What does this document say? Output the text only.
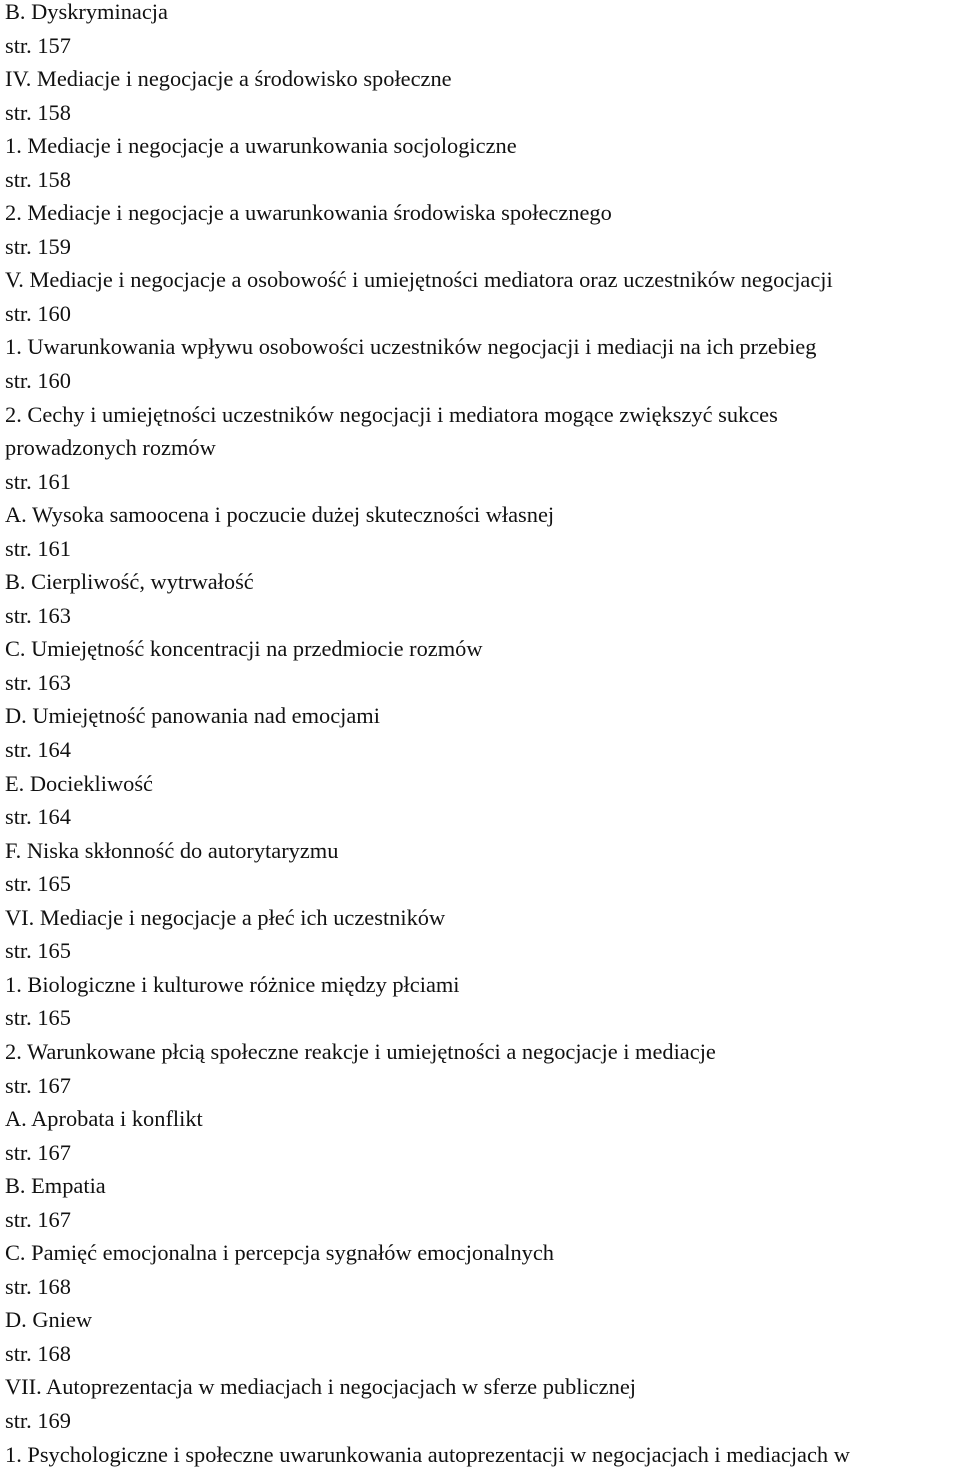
B. Dyskryminacja
str. 157
IV. Mediacje i negocjacje a środowisko społeczne
str. 158
1. Mediacje i negocjacje a uwarunkowania socjologiczne
str. 158
2. Mediacje i negocjacje a uwarunkowania środowiska społecznego
str. 159
V. Mediacje i negocjacje a osobowość i umiejętności mediatora oraz uczestników negocjacji
str. 160
1. Uwarunkowania wpływu osobowości uczestników negocjacji i mediacji na ich przebieg
str. 160
2. Cechy i umiejętności uczestników negocjacji i mediatora mogące zwiększyć sukces
prowadzonych rozmów
str. 161
A. Wysoka samoocena i poczucie dużej skuteczności własnej
str. 161
B. Cierpliwość, wytrwałość
str. 163
C. Umiejętność koncentracji na przedmiocie rozmów
str. 163
D. Umiejętność panowania nad emocjami
str. 164
E. Dociekliwość
str. 164
F. Niska skłonność do autorytaryzmu
str. 165
VI. Mediacje i negocjacje a płeć ich uczestników
str. 165
1. Biologiczne i kulturowe różnice między płciami
str. 165
2. Warunkowane płcią społeczne reakcje i umiejętności a negocjacje i mediacje
str. 167
A. Aprobata i konflikt
str. 167
B. Empatia
str. 167
C. Pamięć emocjonalna i percepcja sygnałów emocjonalnych
str. 168
D. Gniew
str. 168
VII. Autoprezentacja w mediacjach i negocjacjach w sferze publicznej
str. 169
1. Psychologiczne i społeczne uwarunkowania autoprezentacji w negocjacjach i mediacjach w
